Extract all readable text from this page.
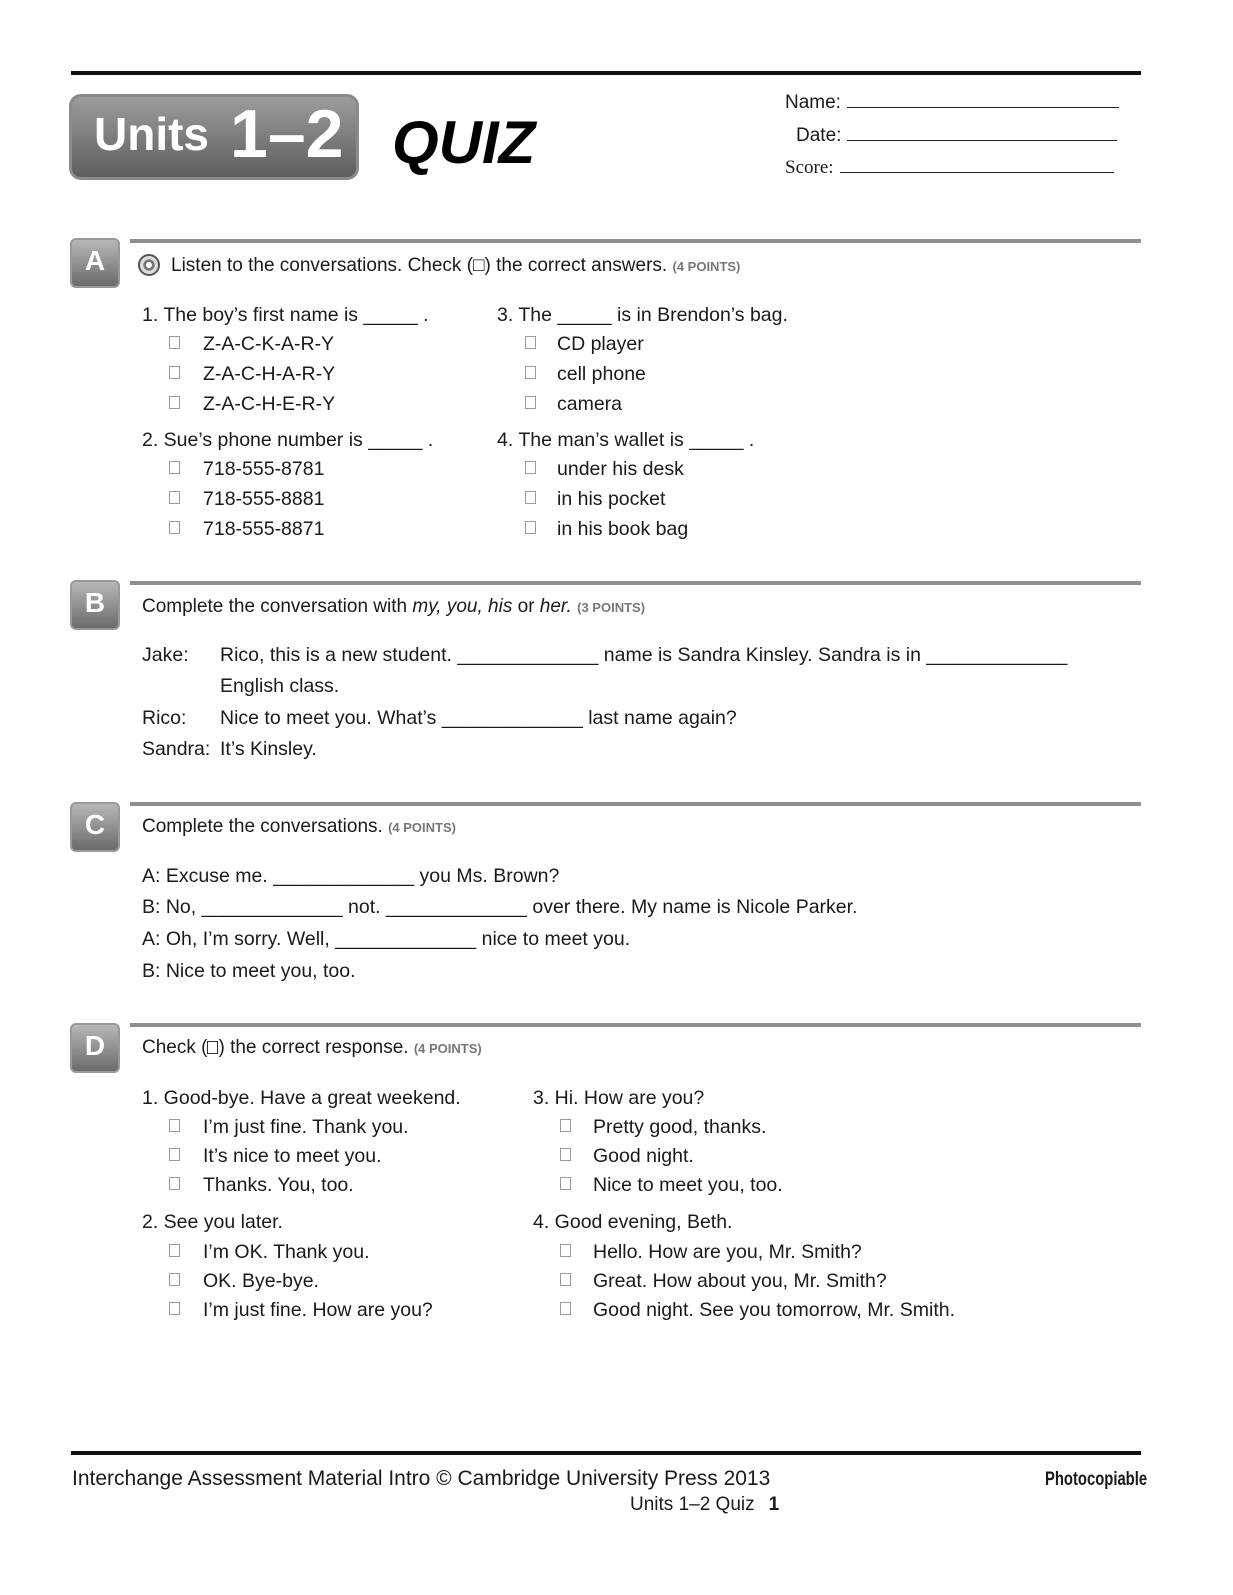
Units 1–2 QUIZ
Name:
Date:
Score:
A	Listen to the conversations. Check (□) the correct answers. (4 POINTS)
1. The boy’s first name is _____ .
Z-A-C-K-A-R-Y
Z-A-C-H-A-R-Y
Z-A-C-H-E-R-Y
2. Sue’s phone number is _____ .
718-555-8781
718-555-8881
718-555-8871
3. The _____ is in Brendon’s bag.
CD player
cell phone
camera
4. The man’s wallet is _____ .
under his desk
in his pocket
in his book bag
B	Complete the conversation with my, you, his or her. (3 POINTS)
Jake: Rico, this is a new student. _____________ name is Sandra Kinsley. Sandra is in _____________
English class.
Rico: Nice to meet you. What’s _____________ last name again?
Sandra: It’s Kinsley.
C	Complete the conversations. (4 POINTS)
A: Excuse me. _____________ you Ms. Brown?
B: No, _____________ not. _____________ over there. My name is Nicole Parker.
A: Oh, I’m sorry. Well, _____________ nice to meet you.
B: Nice to meet you, too.
D	Check ( ) the correct response. (4 POINTS)
1. Good-bye. Have a great weekend.
I’m just fine. Thank you.
It’s nice to meet you.
Thanks. You, too.
2. See you later.
I’m OK. Thank you.
OK. Bye-bye.
I’m just fine. How are you?
3. Hi. How are you?
Pretty good, thanks.
Good night.
Nice to meet you, too.
4. Good evening, Beth.
Hello. How are you, Mr. Smith?
Great. How about you, Mr. Smith?
Good night. See you tomorrow, Mr. Smith.
Interchange Assessment Material Intro © Cambridge University Press 2013	Photocopiable
Units 1–2 Quiz 1
